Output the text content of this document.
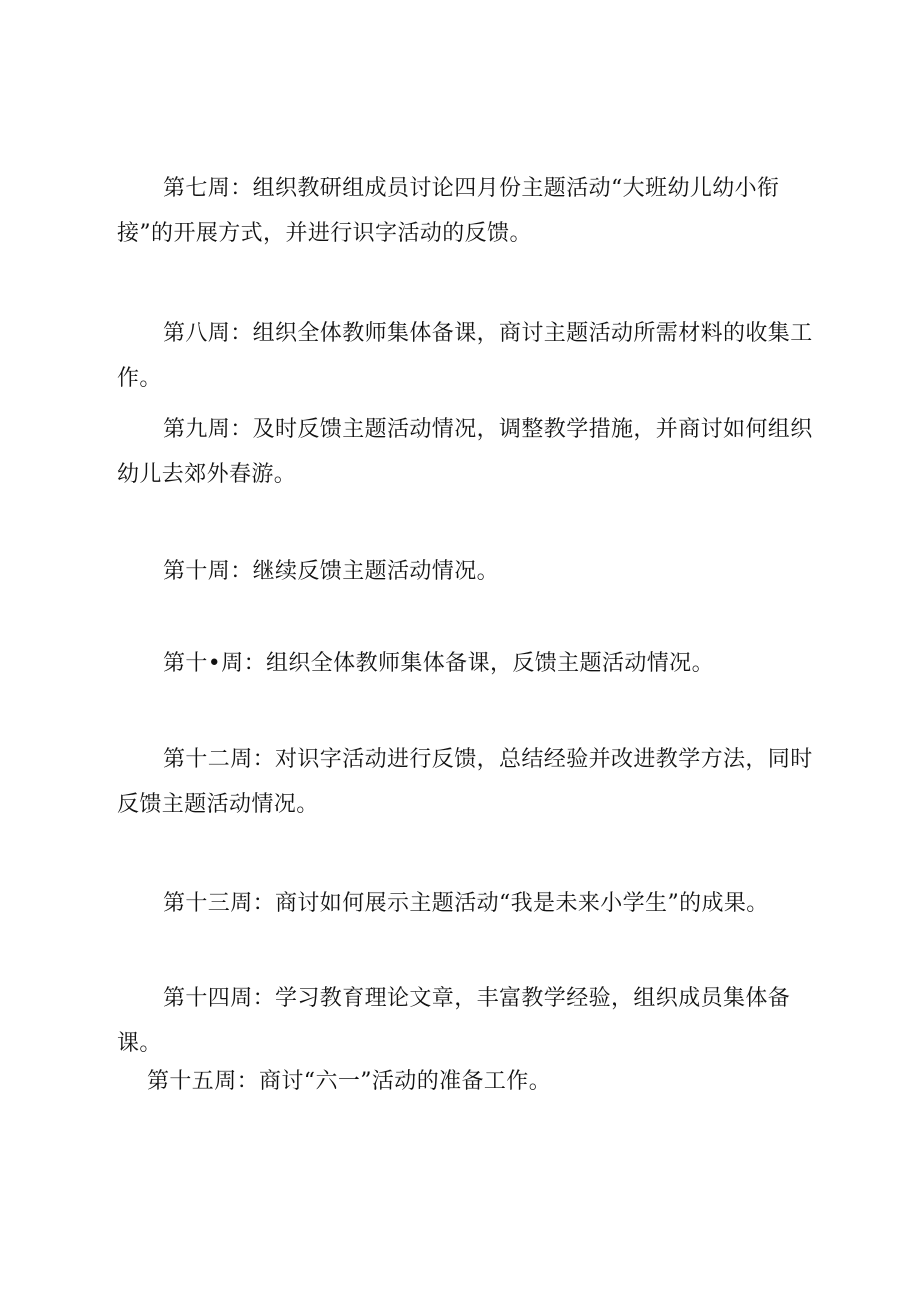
第七周：组织教研组成员讨论四月份主题活动“大班幼儿幼小衔接”的开展方式，并进行识字活动的反馈。

第八周：组织全体教师集体备课，商讨主题活动所需材料的收集工作。

第九周：及时反馈主题活动情况，调整教学措施，并商讨如何组织幼儿去郊外春游。

第十周：继续反馈主题活动情况。

第十•周：组织全体教师集体备课，反馈主题活动情况。

第十二周：对识字活动进行反馈，总结经验并改进教学方法，同时反馈主题活动情况。

第十三周：商讨如何展示主题活动“我是未来小学生”的成果。

第十四周：学习教育理论文章，丰富教学经验，组织成员集体备课。

第十五周：商讨“六一”活动的准备工作。
